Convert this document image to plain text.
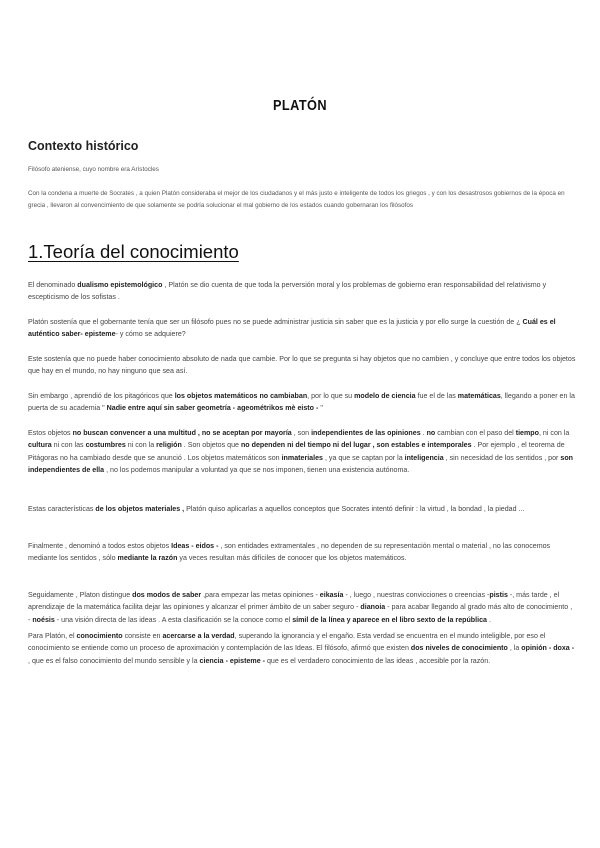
PLATÓN
Contexto histórico
Filósofo ateniense, cuyo nombre era Arístocles
Con la condena a muerte de Socrates , a quien Platón consideraba el mejor de los ciudadanos y el más justo e inteligente de todos los griegos , y con los desastrosos gobiernos de la época en grecia , llevaron al convencimiento de que solamente se podría solucionar el mal gobierno de los estados cuando gobernaran los filósofos
1.Teoría del conocimiento
El denominado dualismo epistemológico , Platón se dio cuenta de que toda la perversión moral y los problemas de gobierno eran responsabilidad del relativismo y escepticismo de los sofistas .
Platón sostenía que el gobernante tenía que ser un filósofo pues no se puede administrar justicia sin saber que es la justicia y por ello surge la cuestión de ¿ Cuál es el auténtico saber- episteme- y cómo se adquiere?
Este sostenía que no puede haber conocimiento absoluto de nada que cambie. Por lo que se pregunta si hay objetos que no cambien , y concluye que entre todos los objetos que hay en el mundo, no hay ninguno que sea así.
Sin embargo , aprendió de los pitagóricos que los objetos matemáticos no cambiaban, por lo que su modelo de ciencia fue el de las matemáticas, llegando a poner en la puerta de su academia " Nadie entre aquí sin saber geometría - ageométrikos mè eisto - "
Estos objetos no buscan convencer a una multitud , no se aceptan por mayoría , son independientes de las opiniones . no cambian con el paso del tiempo, ni con la cultura ni con las costumbres ni con la religión . Son objetos que no dependen ni del tiempo ni del lugar , son estables e intemporales . Por ejemplo , el teorema de Pitágoras no ha cambiado desde que se anunció . Los objetos matemáticos son inmateriales , ya que se captan por la inteligencia , sin necesidad de los sentidos , por son independientes de ella , no los podemos manipular a voluntad ya que se nos imponen, tienen una existencia autónoma.
Estas características de los objetos materiales , Platón quiso aplicarlas a aquellos conceptos que Socrates intentó definir : la virtud , la bondad , la piedad ...
Finalmente , denominó a todos estos objetos Ideas - eidos - , son entidades extramentales , no dependen de su representación mental o material , no las conocemos mediante los sentidos , sólo mediante la razón ya veces resultan más difíciles de conocer que los objetos matemáticos.
Seguidamente , Platon distingue dos modos de saber ,para empezar las metas opiniones - eikasía - , luego , nuestras convicciones o creencias -pistis -, más tarde , el aprendizaje de la matemática facilita dejar las opiniones y alcanzar el primer ámbito de un saber seguro - dianoia - para acabar llegando al grado más alto de conocimiento , - noésis - una visión directa de las ideas . A esta clasificación se la conoce como el símil de la línea y aparece en el libro sexto de la república .
Para Platón, el conocimiento consiste en acercarse a la verdad, superando la ignorancia y el engaño. Esta verdad se encuentra en el mundo inteligible, por eso el conocimiento se entiende como un proceso de aproximación y contemplación de las Ideas. El filósofo, afirmó que existen dos niveles de conocimiento , la opinión - doxa - , que es el falso conocimiento del mundo sensible y la ciencia - episteme - que es el verdadero conocimiento de las ideas , accesible por la razón.
